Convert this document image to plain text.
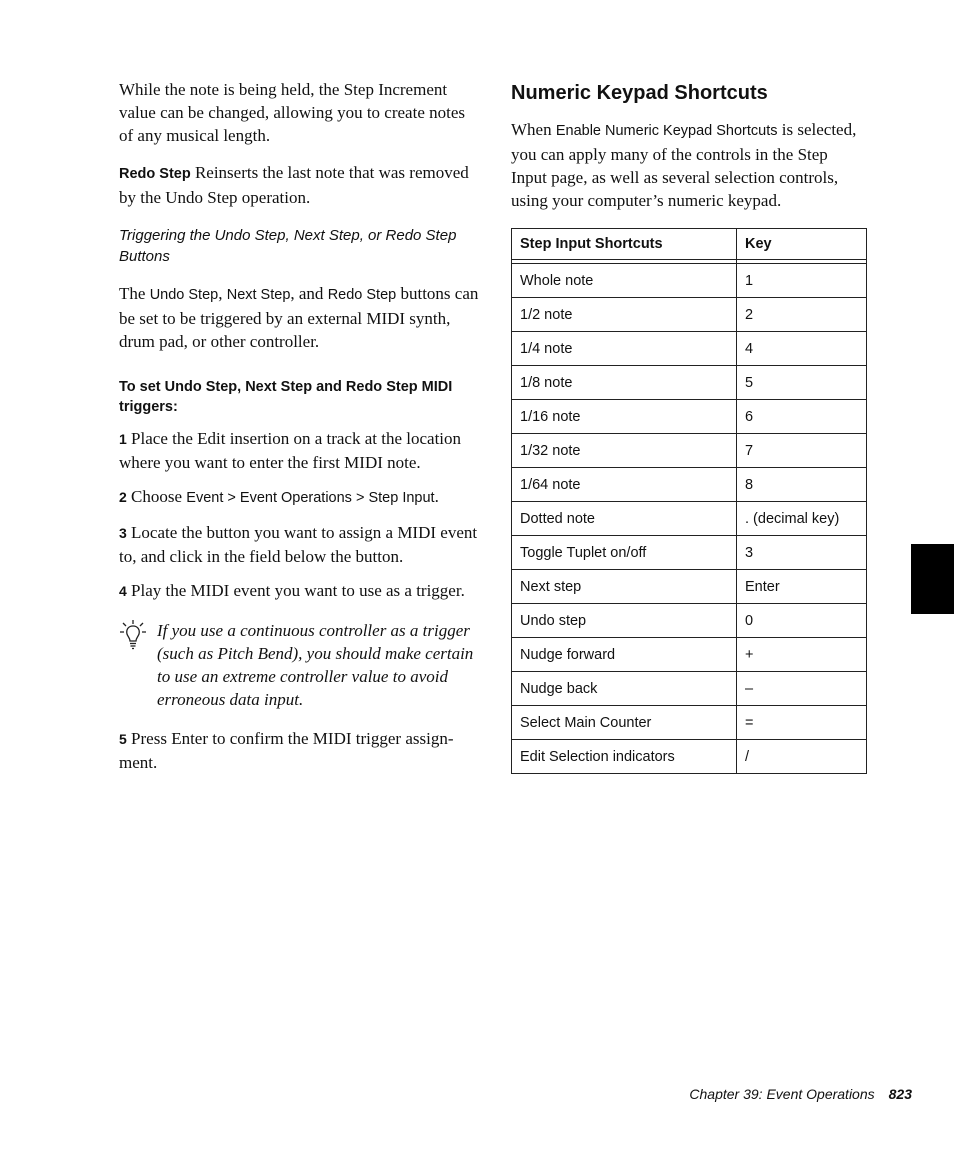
While the note is being held, the Step Increment value can be changed, allowing you to create notes of any musical length.

Redo Step Reinserts the last note that was removed by the Undo Step operation.

Triggering the Undo Step, Next Step, or Redo Step Buttons

The Undo Step, Next Step, and Redo Step buttons can be set to be triggered by an external MIDI synth, drum pad, or other controller.

To set Undo Step, Next Step and Redo Step MIDI triggers:

1 Place the Edit insertion on a track at the location where you want to enter the first MIDI note.

2 Choose Event > Event Operations > Step Input.

3 Locate the button you want to assign a MIDI event to, and click in the field below the button.

4 Play the MIDI event you want to use as a trigger.

If you use a continuous controller as a trigger (such as Pitch Bend), you should make certain to use an extreme controller value to avoid erroneous data input.

5 Press Enter to confirm the MIDI trigger assignment.

Numeric Keypad Shortcuts

When Enable Numeric Keypad Shortcuts is selected, you can apply many of the controls in the Step Input page, as well as several selection controls, using your computer’s numeric keypad.

Step Input Shortcuts	Key

Whole note	1
1/2 note	2
1/4 note	4
1/8 note	5
1/16 note	6
1/32 note	7
1/64 note	8
Dotted note	. (decimal key)
Toggle Tuplet on/off	3
Next step	Enter
Undo step	0
Nudge forward	+
Nudge back	–
Select Main Counter	=
Edit Selection indicators	/
Chapter 39: Event Operations 823
